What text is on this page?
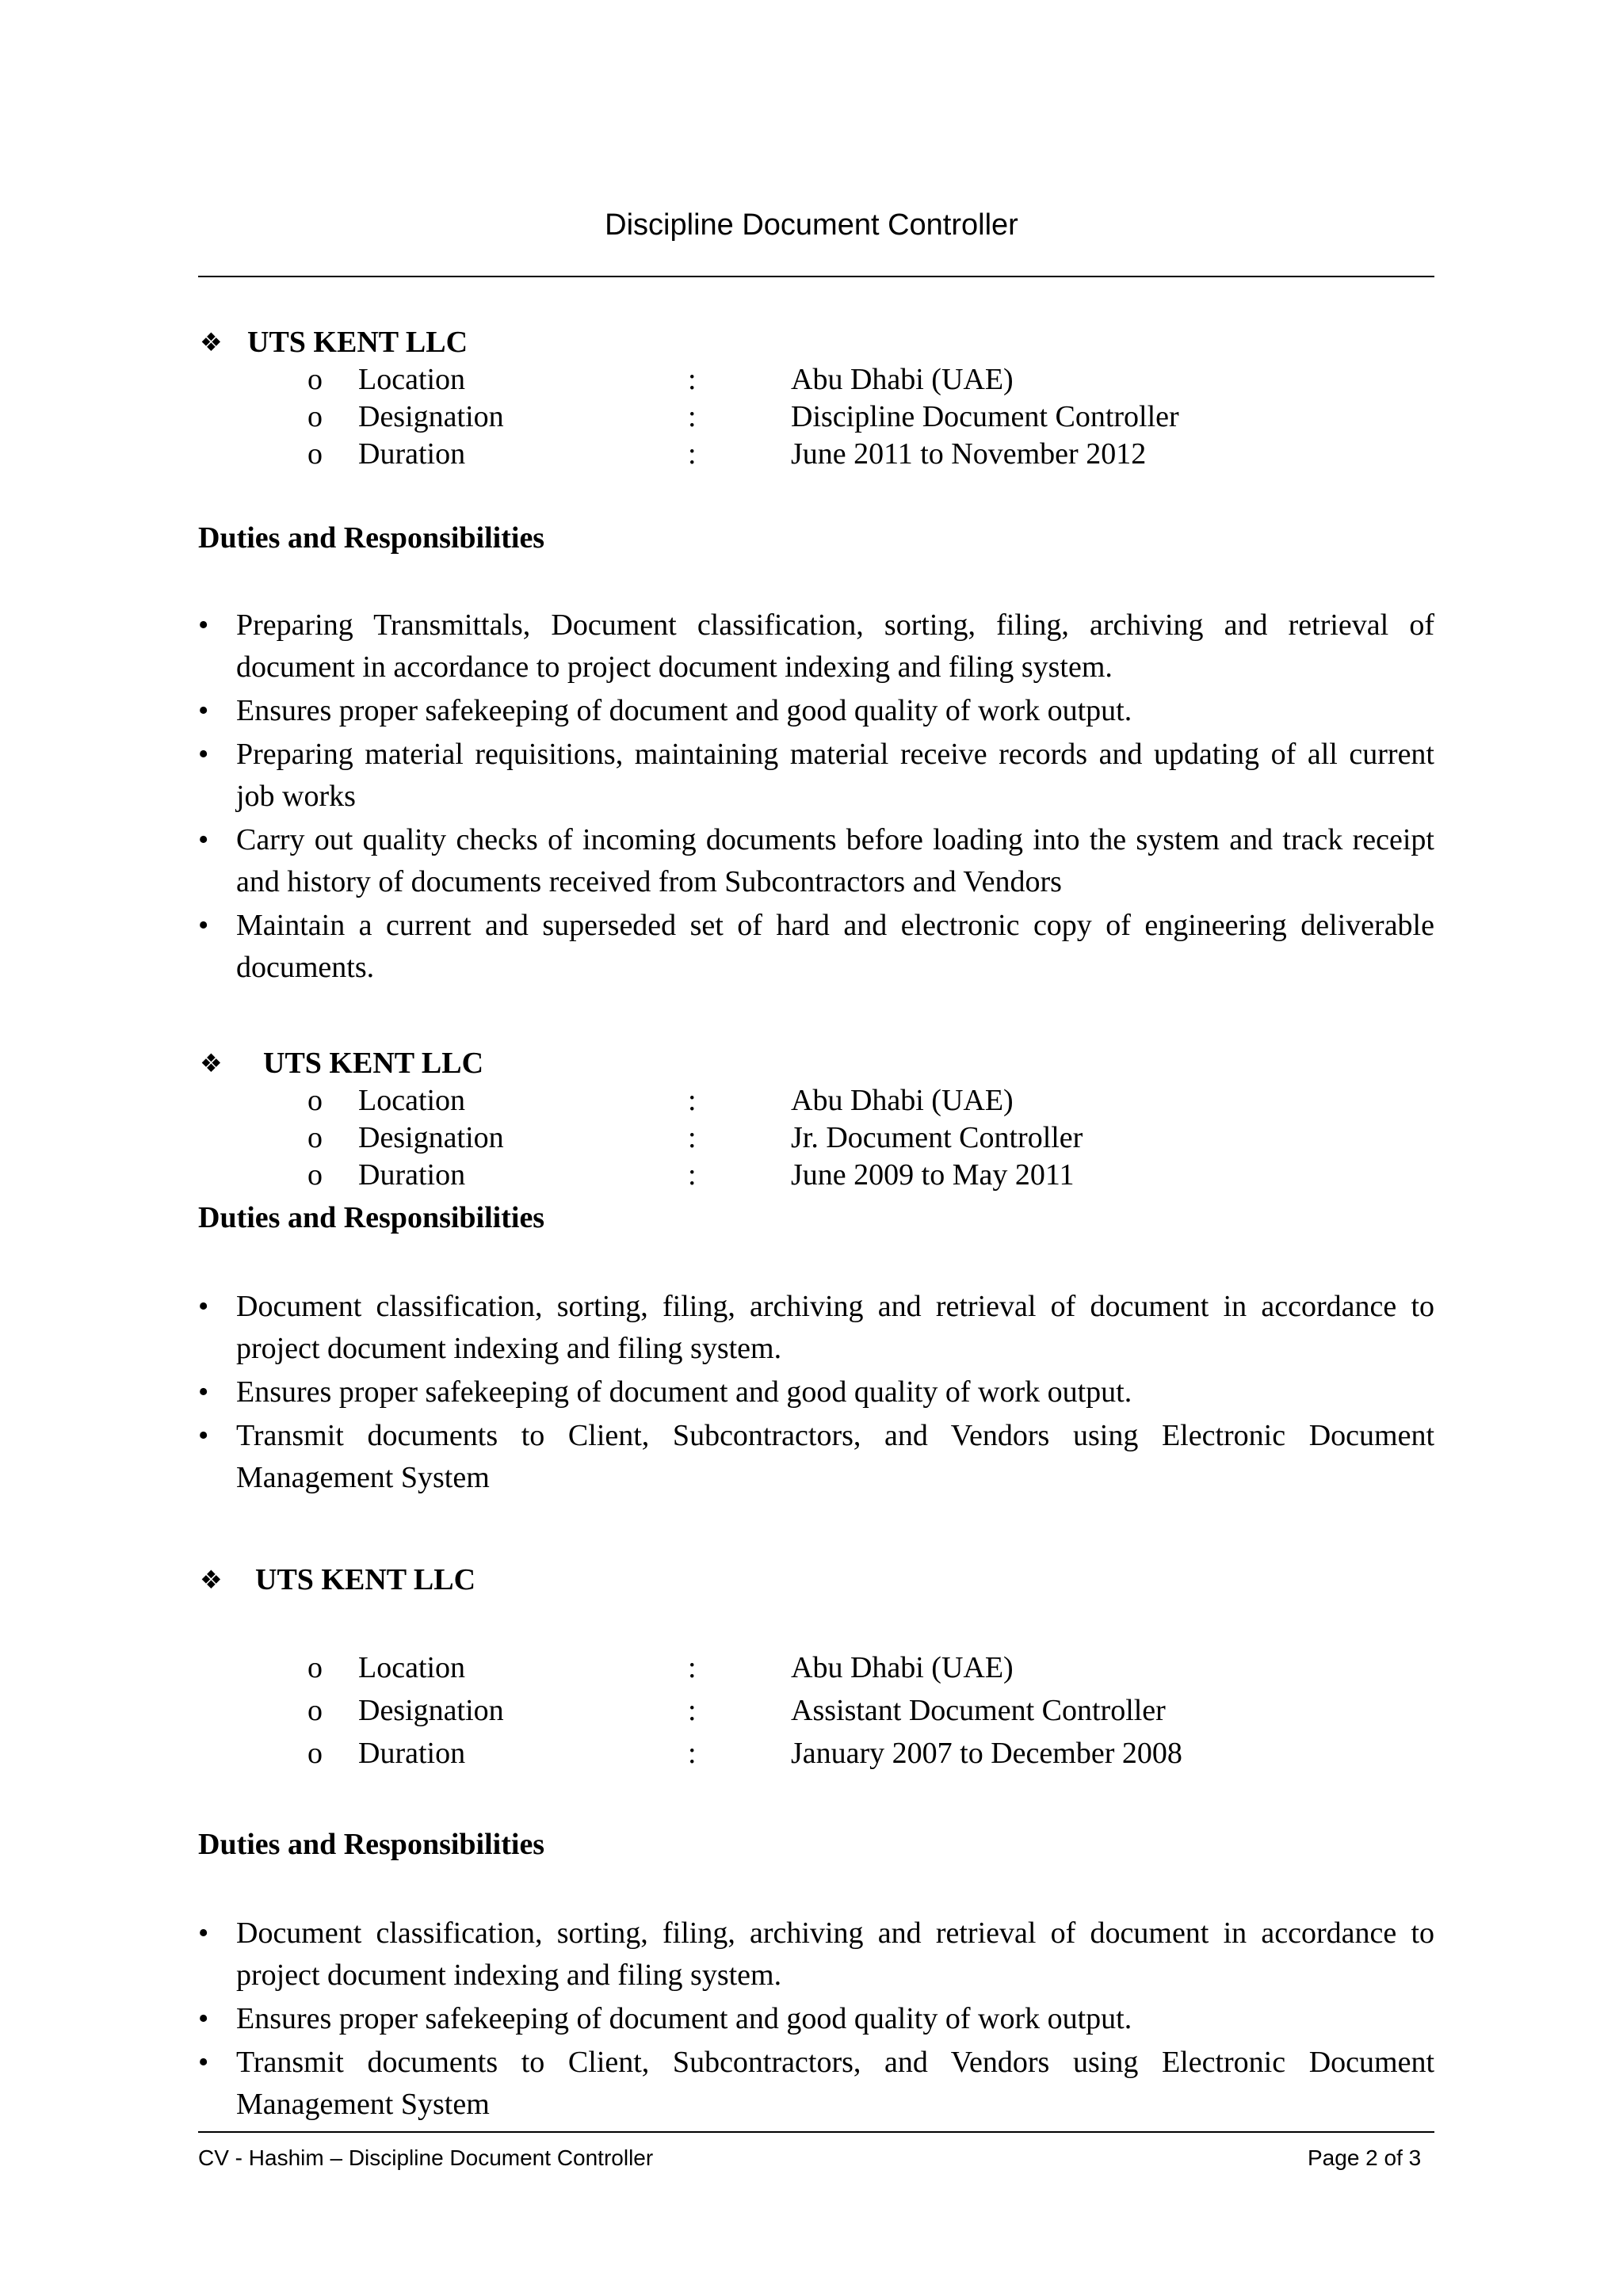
Discipline Document Controller
❖ UTS KENT LLC
o Location	:	Abu Dhabi (UAE)
o Designation	:	Discipline Document Controller
o Duration	:	June 2011 to November 2012
Duties and Responsibilities
• Preparing Transmittals, Document classification, sorting, filing, archiving and retrieval of document in accordance to project document indexing and filing system.
• Ensures proper safekeeping of document and good quality of work output.
• Preparing material requisitions, maintaining material receive records and updating of all current job works
• Carry out quality checks of incoming documents before loading into the system and track receipt and history of documents received from Subcontractors and Vendors
• Maintain a current and superseded set of hard and electronic copy of engineering deliverable documents.
❖ UTS KENT LLC
o Location	:	Abu Dhabi (UAE)
o Designation	:	Jr. Document Controller
o Duration	:	June 2009 to May 2011
Duties and Responsibilities
• Document classification, sorting, filing, archiving and retrieval of document in accordance to project document indexing and filing system.
• Ensures proper safekeeping of document and good quality of work output.
• Transmit documents to Client, Subcontractors, and Vendors using Electronic Document Management System
❖ UTS KENT LLC
o Location	:	Abu Dhabi (UAE)
o Designation	:	Assistant Document Controller
o Duration	:	January 2007 to December 2008
Duties and Responsibilities
• Document classification, sorting, filing, archiving and retrieval of document in accordance to project document indexing and filing system.
• Ensures proper safekeeping of document and good quality of work output.
• Transmit documents to Client, Subcontractors, and Vendors using Electronic Document Management System
CV - Hashim – Discipline Document Controller	Page 2 of 3
